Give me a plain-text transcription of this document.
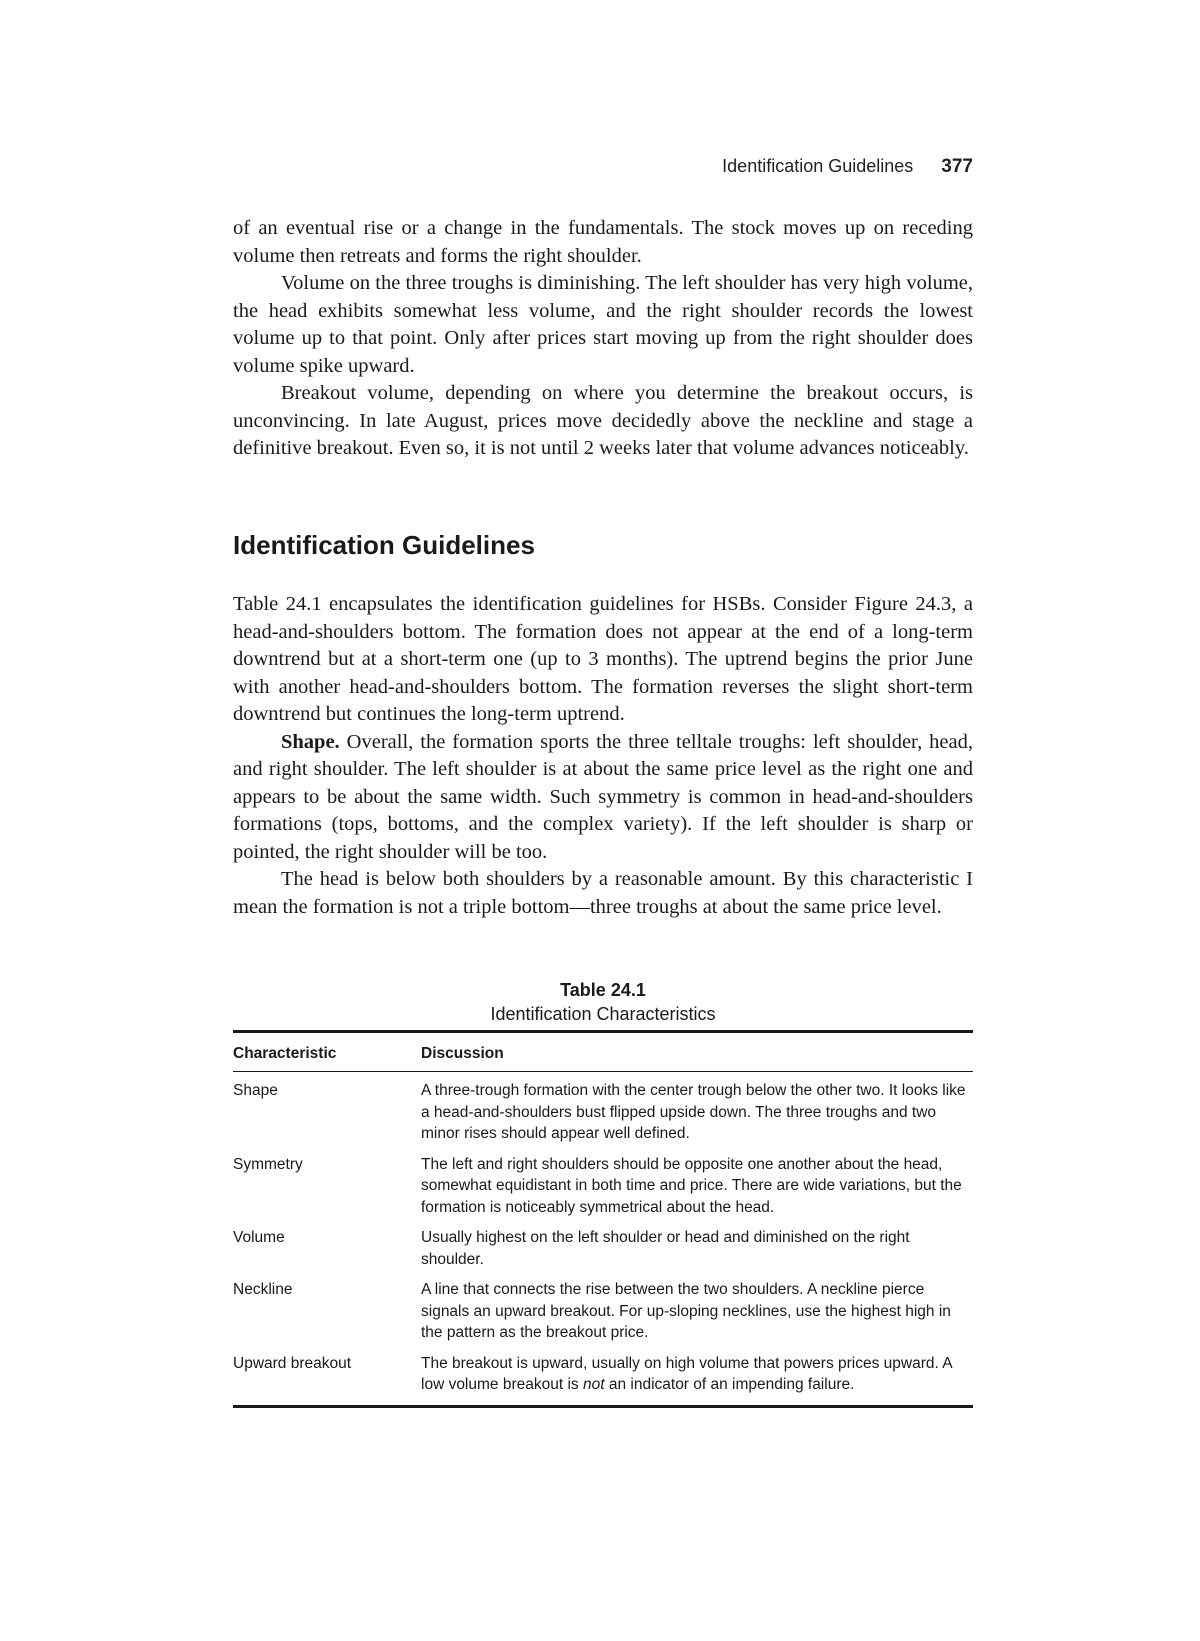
Identification Guidelines 377

of an eventual rise or a change in the fundamentals. The stock moves up on receding volume then retreats and forms the right shoulder.

Volume on the three troughs is diminishing. The left shoulder has very high volume, the head exhibits somewhat less volume, and the right shoulder records the lowest volume up to that point. Only after prices start moving up from the right shoulder does volume spike upward.

Breakout volume, depending on where you determine the breakout occurs, is unconvincing. In late August, prices move decidedly above the neckline and stage a definitive breakout. Even so, it is not until 2 weeks later that volume advances noticeably.

Identification Guidelines

Table 24.1 encapsulates the identification guidelines for HSBs. Consider Figure 24.3, a head-and-shoulders bottom. The formation does not appear at the end of a long-term downtrend but at a short-term one (up to 3 months). The uptrend begins the prior June with another head-and-shoulders bottom. The formation reverses the slight short-term downtrend but continues the long-term uptrend.

Shape. Overall, the formation sports the three telltale troughs: left shoulder, head, and right shoulder. The left shoulder is at about the same price level as the right one and appears to be about the same width. Such symmetry is common in head-and-shoulders formations (tops, bottoms, and the complex variety). If the left shoulder is sharp or pointed, the right shoulder will be too.

The head is below both shoulders by a reasonable amount. By this characteristic I mean the formation is not a triple bottom—three troughs at about the same price level.

Table 24.1
Identification Characteristics
Characteristic	Discussion
Shape	A three-trough formation with the center trough below the other two. It looks like a head-and-shoulders bust flipped upside down. The three troughs and two minor rises should appear well defined.
Symmetry	The left and right shoulders should be opposite one another about the head, somewhat equidistant in both time and price. There are wide variations, but the formation is noticeably symmetrical about the head.
Volume	Usually highest on the left shoulder or head and diminished on the right shoulder.
Neckline	A line that connects the rise between the two shoulders. A neckline pierce signals an upward breakout. For up-sloping necklines, use the highest high in the pattern as the breakout price.
Upward breakout	The breakout is upward, usually on high volume that powers prices upward. A low volume breakout is not an indicator of an impending failure.
